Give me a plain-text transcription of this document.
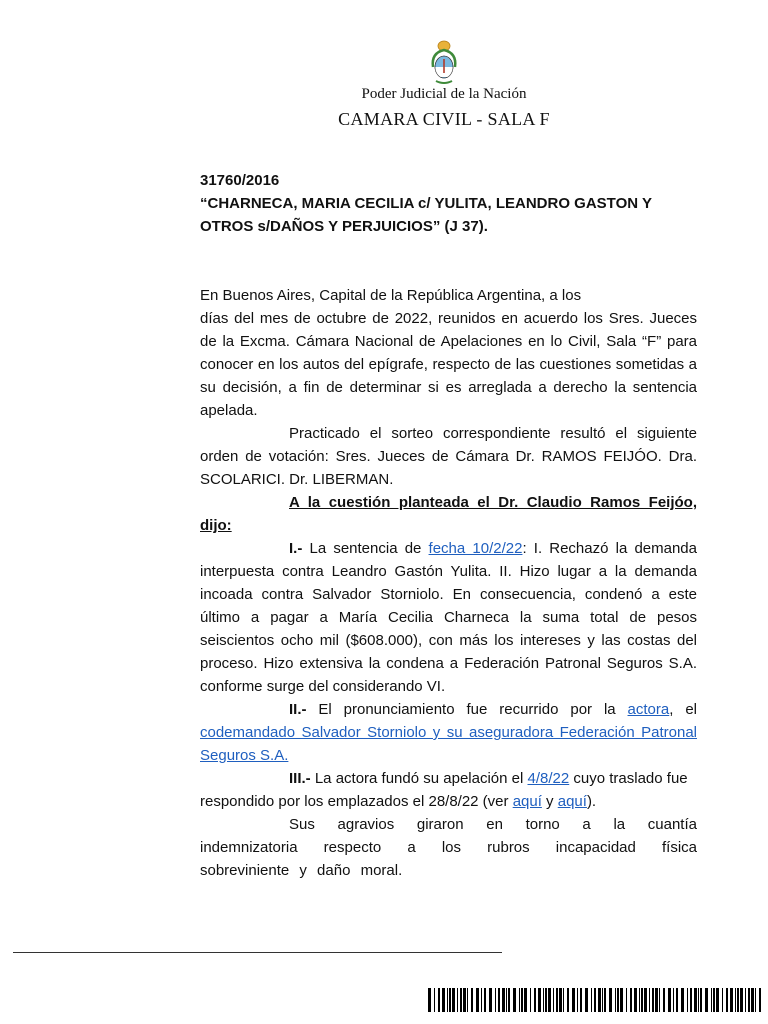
Poder Judicial de la Nación
CAMARA CIVIL - SALA F
31760/2016
“CHARNECA, MARIA CECILIA c/ YULITA, LEANDRO GASTON Y
OTROS s/DAÑOS Y PERJUICIOS” (J 37).

En Buenos Aires, Capital de la República Argentina, a los

días del mes de octubre de 2022, reunidos en acuerdo los Sres. Jueces de la Excma. Cámara Nacional de Apelaciones en lo Civil, Sala “F” para conocer en los autos del epígrafe, respecto de las cuestiones sometidas a su decisión, a fin de determinar si es arreglada a derecho la sentencia apelada.

Practicado el sorteo correspondiente resultó el siguiente orden de votación: Sres. Jueces de Cámara Dr. RAMOS FEIJÓO. Dra. SCOLARICI. Dr. LIBERMAN.

A la cuestión planteada el Dr. Claudio Ramos Feijóo, dijo:

I.- La sentencia de fecha 10/2/22: I. Rechazó la demanda interpuesta contra Leandro Gastón Yulita. II. Hizo lugar a la demanda incoada contra Salvador Storniolo. En consecuencia, condenó a este último a pagar a María Cecilia Charneca la suma total de pesos seiscientos ocho mil ($608.000), con más los intereses y las costas del proceso. Hizo extensiva la condena a Federación Patronal Seguros S.A. conforme surge del considerando VI.

II.- El pronunciamiento fue recurrido por la actora, el codemandado Salvador Storniolo y su aseguradora Federación Patronal Seguros S.A.

III.- La actora fundó su apelación el 4/8/22 cuyo traslado fue respondido por los emplazados el 28/8/22 (ver aquí y aquí).

Sus agravios giraron en torno a la cuantía indemnizatoria respecto a los rubros incapacidad física sobreviniente y daño moral.
